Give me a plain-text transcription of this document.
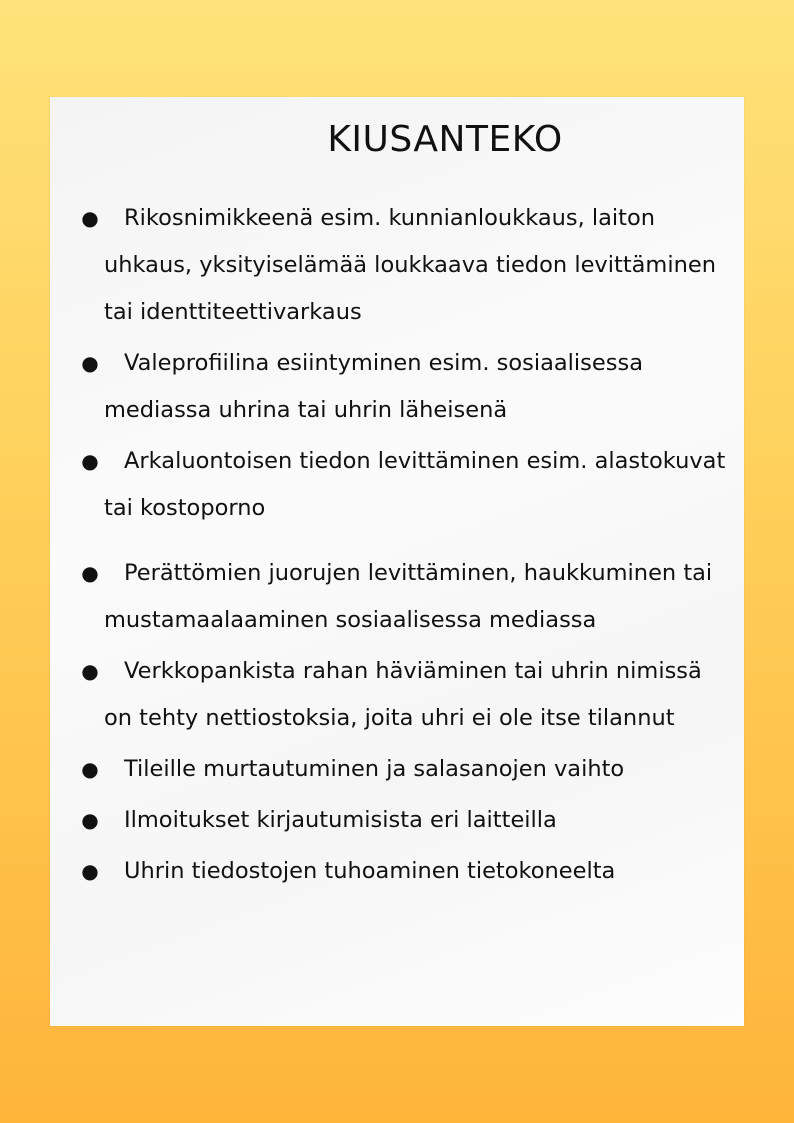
KIUSANTEKO
● Rikosnimikkeenä esim. kunnianloukkaus, laiton
uhkaus, yksityiselämää loukkaava tiedon levittäminen
tai identtiteettivarkaus
● Valeprofiilina esiintyminen esim. sosiaalisessa
mediassa uhrina tai uhrin läheisenä
● Arkaluontoisen tiedon levittäminen esim. alastokuvat
tai kostoporno
● Perättömien juorujen levittäminen, haukkuminen tai
mustamaalaaminen sosiaalisessa mediassa
● Verkkopankista rahan häviäminen tai uhrin nimissä
on tehty nettiostoksia, joita uhri ei ole itse tilannut
● Tileille murtautuminen ja salasanojen vaihto
● Ilmoitukset kirjautumisista eri laitteilla
● Uhrin tiedostojen tuhoaminen tietokoneelta
